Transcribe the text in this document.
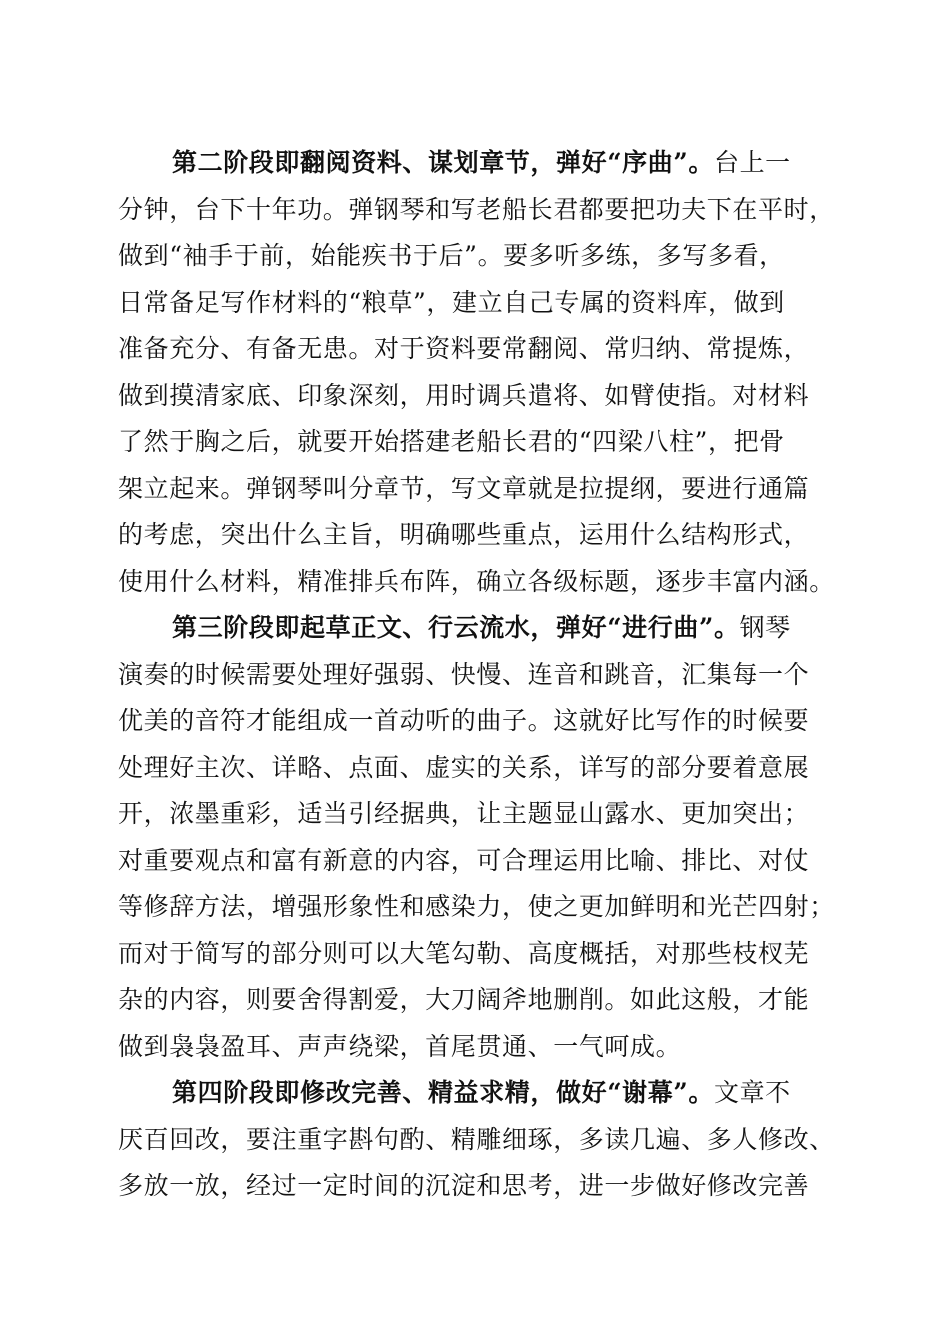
第二阶段即翻阅资料、谋划章节，弹好“序曲”。台上一
分钟，台下十年功。弹钢琴和写老船长君都要把功夫下在平时，
做到“袖手于前，始能疾书于后”。要多听多练，多写多看，
日常备足写作材料的“粮草”，建立自己专属的资料库，做到
准备充分、有备无患。对于资料要常翻阅、常归纳、常提炼，
做到摸清家底、印象深刻，用时调兵遣将、如臂使指。对材料
了然于胸之后，就要开始搭建老船长君的“四梁八柱”，把骨
架立起来。弹钢琴叫分章节，写文章就是拉提纲，要进行通篇
的考虑，突出什么主旨，明确哪些重点，运用什么结构形式，
使用什么材料，精准排兵布阵，确立各级标题，逐步丰富内涵。
第三阶段即起草正文、行云流水，弹好“进行曲”。钢琴
演奏的时候需要处理好强弱、快慢、连音和跳音，汇集每一个
优美的音符才能组成一首动听的曲子。这就好比写作的时候要
处理好主次、详略、点面、虚实的关系，详写的部分要着意展
开，浓墨重彩，适当引经据典，让主题显山露水、更加突出；
对重要观点和富有新意的内容，可合理运用比喻、排比、对仗
等修辞方法，增强形象性和感染力，使之更加鲜明和光芒四射；
而对于简写的部分则可以大笔勾勒、高度概括，对那些枝杈芜
杂的内容，则要舍得割爱，大刀阔斧地删削。如此这般，才能
做到袅袅盈耳、声声绕梁，首尾贯通、一气呵成。
第四阶段即修改完善、精益求精，做好“谢幕”。文章不
厌百回改，要注重字斟句酌、精雕细琢，多读几遍、多人修改、
多放一放，经过一定时间的沉淀和思考，进一步做好修改完善
